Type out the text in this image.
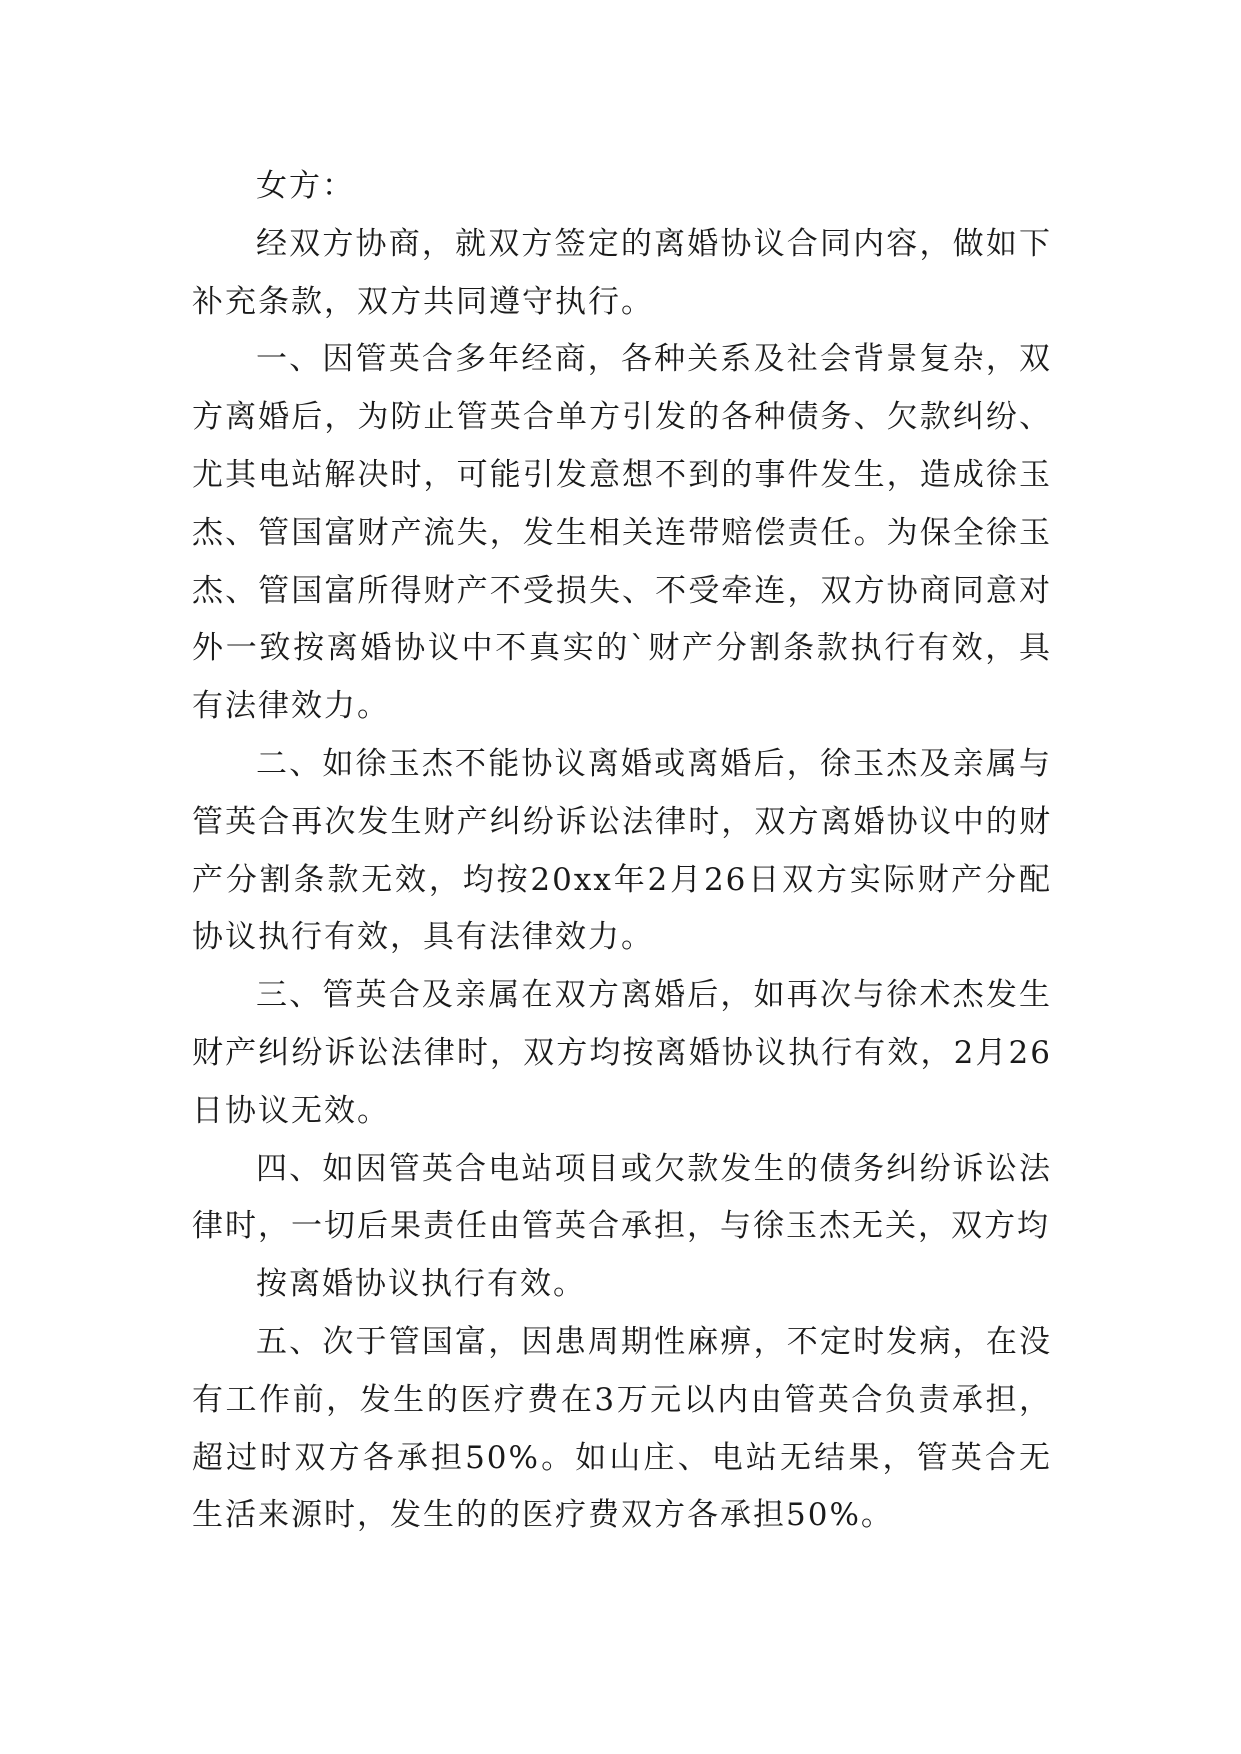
女方：

经双方协商，就双方签定的离婚协议合同内容，做如下补充条款，双方共同遵守执行。

一、因管英合多年经商，各种关系及社会背景复杂，双方离婚后，为防止管英合单方引发的各种债务、欠款纠纷、尤其电站解决时，可能引发意想不到的事件发生，造成徐玉杰、管国富财产流失，发生相关连带赔偿责任。为保全徐玉杰、管国富所得财产不受损失、不受牵连，双方协商同意对外一致按离婚协议中不真实的`财产分割条款执行有效，具有法律效力。

二、如徐玉杰不能协议离婚或离婚后，徐玉杰及亲属与管英合再次发生财产纠纷诉讼法律时，双方离婚协议中的财产分割条款无效，均按20xx年2月26日双方实际财产分配协议执行有效，具有法律效力。

三、管英合及亲属在双方离婚后，如再次与徐术杰发生财产纠纷诉讼法律时，双方均按离婚协议执行有效，2月26日协议无效。

四、如因管英合电站项目或欠款发生的债务纠纷诉讼法律时，一切后果责任由管英合承担，与徐玉杰无关，双方均

按离婚协议执行有效。

五、次于管国富，因患周期性麻痹，不定时发病，在没有工作前，发生的医疗费在3万元以内由管英合负责承担，超过时双方各承担50%。如山庄、电站无结果，管英合无生活来源时，发生的的医疗费双方各承担50%。
